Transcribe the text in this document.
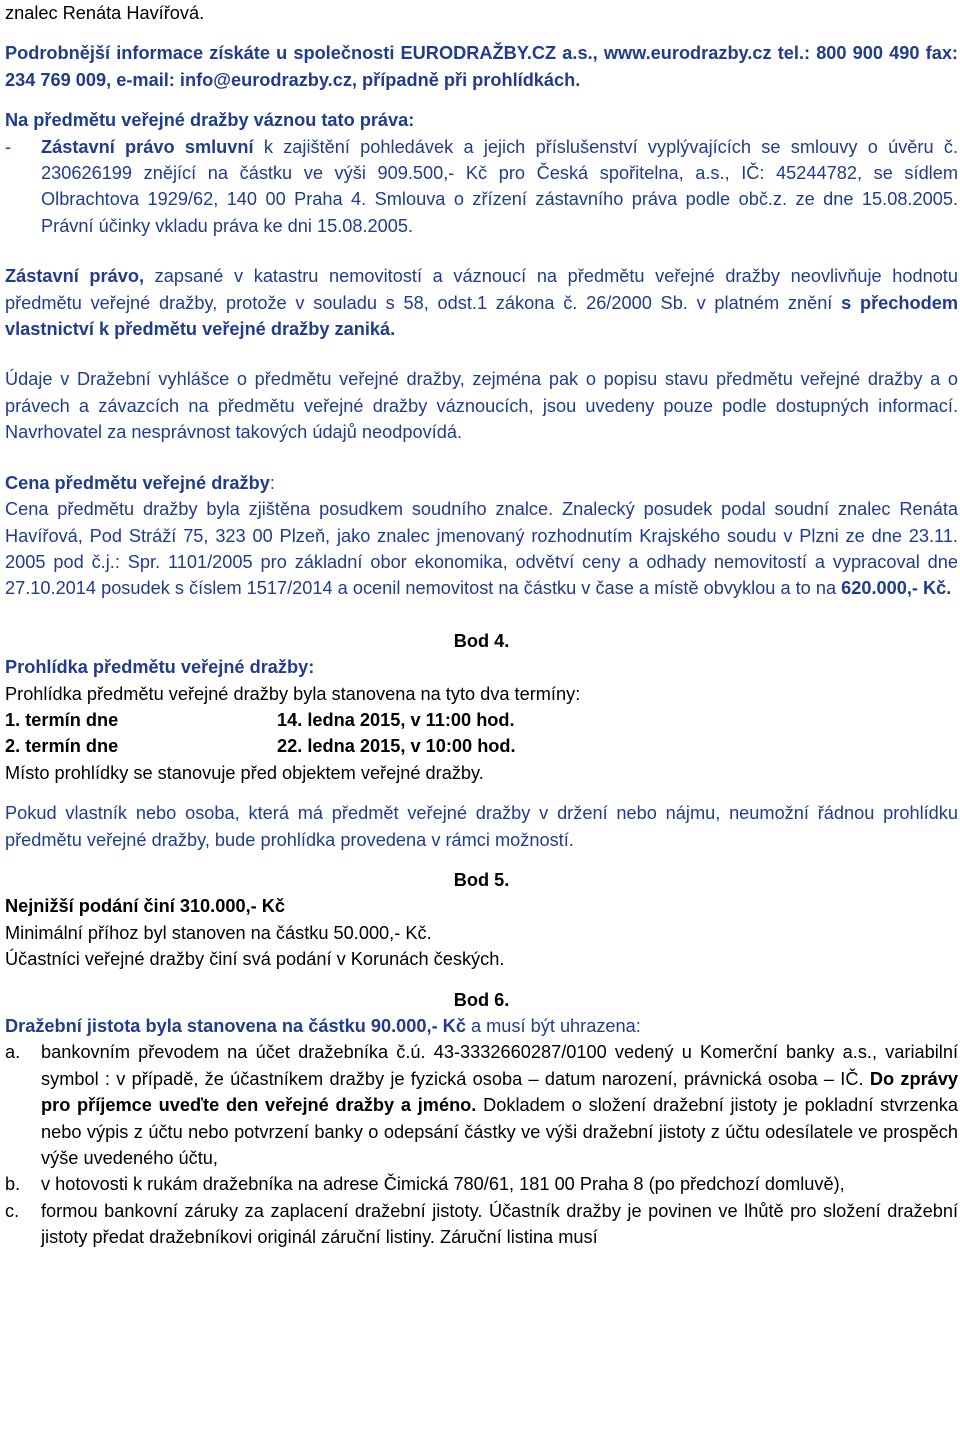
znalec Renáta Havířová.

Podrobnější informace získáte u společnosti EURODRAŽBY.CZ a.s., www.eurodrazby.cz tel.: 800 900 490 fax: 234 769 009, e-mail: info@eurodrazby.cz, případně při prohlídkách.

Na předmětu veřejné dražby váznou tato práva:

- Zástavní právo smluvní k zajištění pohledávek a jejich příslušenství vyplývajících se smlouvy o úvěru č. 230626199 znějící na částku ve výši 909.500,- Kč pro Česká spořitelna, a.s., IČ: 45244782, se sídlem Olbrachtova 1929/62, 140 00 Praha 4. Smlouva o zřízení zástavního práva podle obč.z. ze dne 15.08.2005. Právní účinky vkladu práva ke dni 15.08.2005.

Zástavní právo, zapsané v katastru nemovitostí a váznoucí na předmětu veřejné dražby neovlivňuje hodnotu předmětu veřejné dražby, protože v souladu s 58, odst.1 zákona č. 26/2000 Sb. v platném znění s přechodem vlastnictví k předmětu veřejné dražby zaniká.

Údaje v Dražební vyhlášce o předmětu veřejné dražby, zejména pak o popisu stavu předmětu veřejné dražby a o právech a závazcích na předmětu veřejné dražby váznoucích, jsou uvedeny pouze podle dostupných informací. Navrhovatel za nesprávnost takových údajů neodpovídá.

Cena předmětu veřejné dražby:

Cena předmětu dražby byla zjištěna posudkem soudního znalce. Znalecký posudek podal soudní znalec Renáta Havířová, Pod Stráží 75, 323 00 Plzeň, jako znalec jmenovaný rozhodnutím Krajského soudu v Plzni ze dne 23.11. 2005 pod č.j.: Spr. 1101/2005 pro základní obor ekonomika, odvětví ceny a odhady nemovitostí a vypracoval dne 27.10.2014 posudek s číslem 1517/2014 a ocenil nemovitost na částku v čase a místě obvyklou a to na 620.000,- Kč.

Bod 4.

Prohlídka předmětu veřejné dražby:

Prohlídka předmětu veřejné dražby byla stanovena na tyto dva termíny:

1. termín dne	14. ledna 2015, v 11:00 hod.
2. termín dne	22. ledna 2015, v 10:00 hod.

Místo prohlídky se stanovuje před objektem veřejné dražby.

Pokud vlastník nebo osoba, která má předmět veřejné dražby v držení nebo nájmu, neumožní řádnou prohlídku předmětu veřejné dražby, bude prohlídka provedena v rámci možností.

Bod 5.

Nejnižší podání činí 310.000,- Kč

Minimální příhoz byl stanoven na částku 50.000,- Kč.

Účastníci veřejné dražby činí svá podání v Korunách českých.

Bod 6.

Dražební jistota byla stanovena na částku 90.000,- Kč a musí být uhrazena:

a. bankovním převodem na účet dražebníka č.ú. 43-3332660287/0100 vedený u Komerční banky a.s., variabilní symbol : v případě, že účastníkem dražby je fyzická osoba – datum narození, právnická osoba – IČ. Do zprávy pro příjemce uveďte den veřejné dražby a jméno. Dokladem o složení dražební jistoty je pokladní stvrzenka nebo výpis z účtu nebo potvrzení banky o odepsání částky ve výši dražební jistoty z účtu odesílatele ve prospěch výše uvedeného účtu,

b. v hotovosti k rukám dražebníka na adrese Čimická 780/61, 181 00 Praha 8 (po předchozí domluvě),

c. formou bankovní záruky za zaplacení dražební jistoty. Účastník dražby je povinen ve lhůtě pro složení dražební jistoty předat dražebníkovi originál záruční listiny. Záruční listina musí
